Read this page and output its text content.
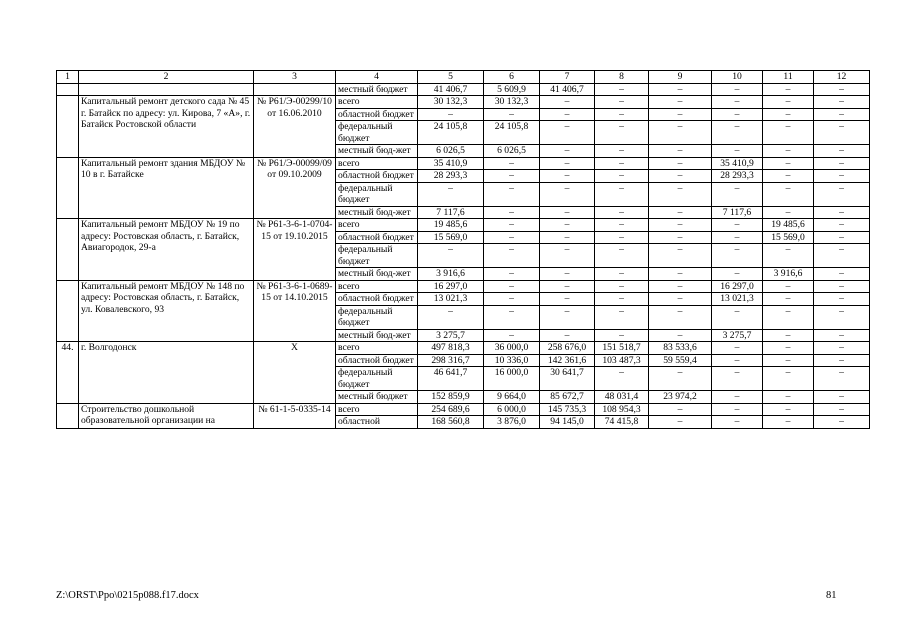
1	2	3	4	5	6	7	8	9	10	11	12
			местный бюджет	41 406,7	5 609,9	41 406,7	–	–	–	–	–
	Капитальный ремонт детского сада № 45 г. Батайск по адресу: ул. Кирова, 7 «А», г. Батайск Ростовской области	№ Р61/Э-00299/10 от 16.06.2010	всего	30 132,3	30 132,3	–	–	–	–	–	–
			областной бюджет	–	–	–	–	–	–	–	–
			федеральный бюджет	24 105,8	24 105,8	–	–	–	–	–	–
			местный бюд-жет	6 026,5	6 026,5	–	–	–	–	–	–
	Капитальный ремонт здания МБДОУ № 10 в г. Батайске	№ Р61/Э-00099/09 от 09.10.2009	всего	35 410,9	–	–	–	–	35 410,9	–	–
			областной бюджет	28 293,3	–	–	–	–	28 293,3	–	–
			федеральный бюджет	–	–	–	–	–	–	–	–
			местный бюд-жет	7 117,6	–	–	–	–	7 117,6	–	–
	Капитальный ремонт МБДОУ № 19 по адресу: Ростовская область, г. Батайск, Авиагородок, 29-а	№ Р61-3-6-1-0704-15 от 19.10.2015	всего	19 485,6	–	–	–	–	–	19 485,6	–
			областной бюджет	15 569,0	–	–	–	–	–	15 569,0	–
			федеральный бюджет	–	–	–	–	–	–	–	–
			местный бюд-жет	3 916,6	–	–	–	–	–	3 916,6	–
	Капитальный ремонт МБДОУ № 148 по адресу: Ростовская область, г. Батайск, ул. Ковалевского, 93	№ Р61-3-6-1-0689-15 от 14.10.2015	всего	16 297,0	–	–	–	–	16 297,0	–	–
			областной бюджет	13 021,3	–	–	–	–	13 021,3	–	–
			федеральный бюджет	–	–	–	–	–	–	–	–
			местный бюд-жет	3 275,7	–	–	–	–	3 275,7	–	–
44.	г. Волгодонск	Х	всего	497 818,3	36 000,0	258 676,0	151 518,7	83 533,6	–	–	–
			областной бюджет	298 316,7	10 336,0	142 361,6	103 487,3	59 559,4	–	–	–
			федеральный бюджет	46 641,7	16 000,0	30 641,7	–	–	–	–	–
			местный бюджет	152 859,9	9 664,0	85 672,7	48 031,4	23 974,2	–	–	–
	Строительство дошкольной образовательной организации на	№ 61-1-5-0335-14	всего	254 689,6	6 000,0	145 735,3	108 954,3	–	–	–	–
			областной	168 560,8	3 876,0	94 145,0	74 415,8	–	–	–	–
Z:\ORST\Ppo\0215p088.f17.docx	81
